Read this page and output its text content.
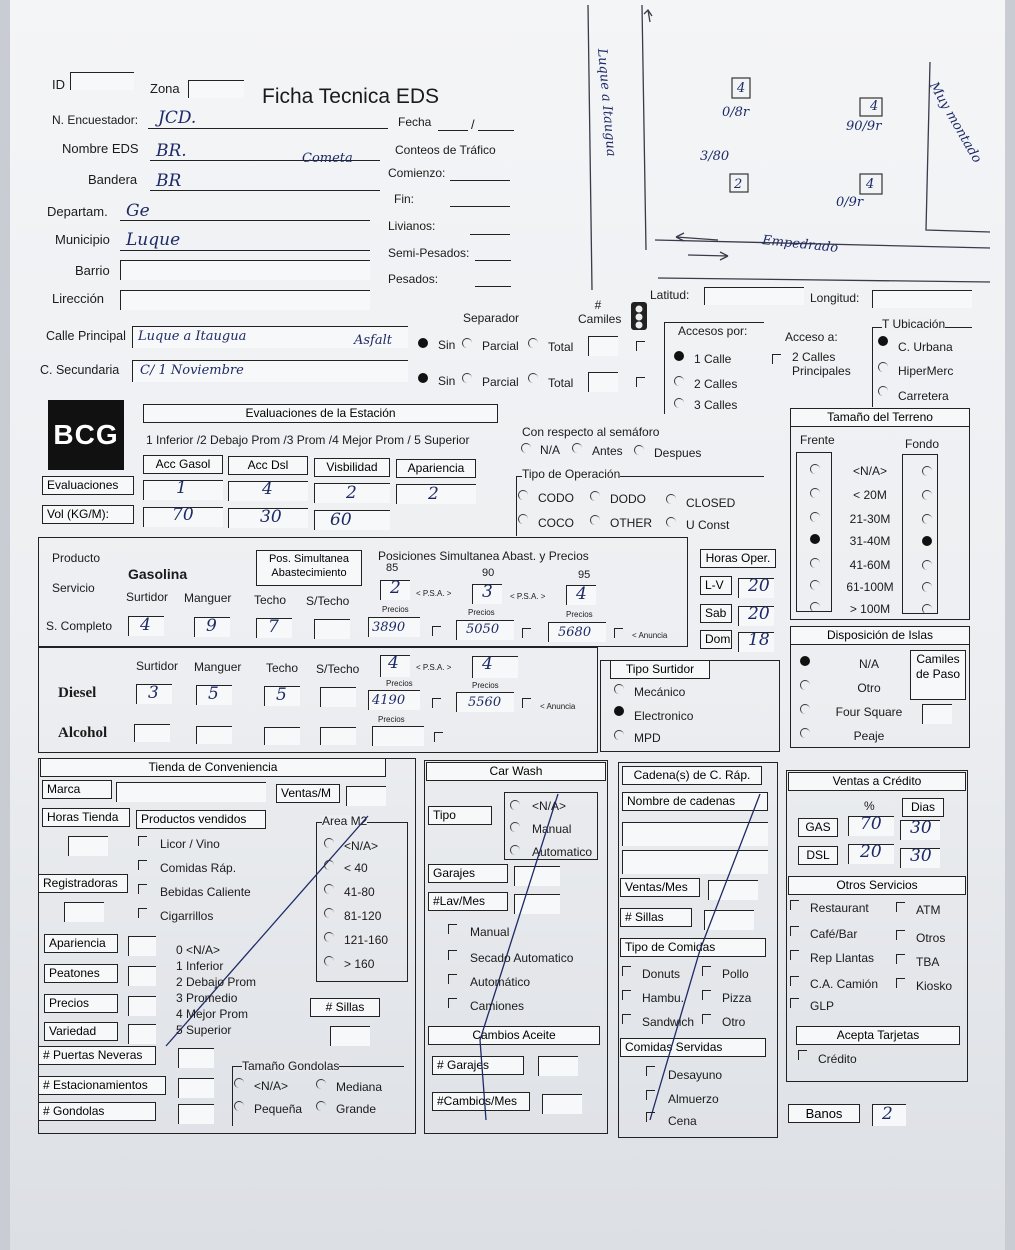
ID	Zona	Ficha Tecnica EDS
N. Encuestador: JCD.
Nombre EDS BR.	Cometa
Bandera BR
Departam. Ge
Municipio Luque
Barrio
Lirección
Fecha	/
Conteos de Tráfico
Comienzo:
Fin:
Livianos:
Semi-Pesados:
Pesados:
Luque a Itaugua
Empedrado
Muy montado
4
0/8r	4
90/9r
2
3/80
4
0/9r
Latitud:	Longitud:
Separador
# Camiles
Calle Principal Luque a Itaugua	Asfalt	Sin Parcial Total
C. Secundaria C/ 1 Noviembre
Sin Parcial Total
Accesos por:
1 Calle
2 Calles
3 Calles
Acceso a:
2 Calles Principales
T Ubicación
C. Urbana
HiperMerc
Carretera
BCG
Evaluaciones de la Estación
1 Inferior /2 Debajo Prom /3 Prom /4 Mejor Prom / 5 Superior
Acc Gasol	Acc Dsl	Visbilidad	Apariencia
Evaluaciones
Vol (KG/M):
1	4	2	2
70	30	60
Con respecto al semáforo
N/A	Antes	Despues
Tipo de Operación
CODO	DODO	CLOSED
COCO	OTHER	U Const
Tamaño del Terreno
Frente	Fondo
Producto
Servicio
Gasolina
Pos. Simultanea Abastecimiento
Posiciones Simultanea Abast. y Precios
Surtidor Manguer Techo S/Techo
S. Completo 4	9	7
85	90	95
2	3	4
< P.S.A. >	< P.S.A. >
Precios	Precios	Precios
3890	5050	5680	< Anuncia
Horas Oper.
Disposición de Islas
Camiles de Paso
Surtidor Manguer Techo S/Techo
Diesel	3	5	5
4	4
< P.S.A. >
Precios	Precios
4190	5560	< Anuncia
Precios
Alcohol
Tipo Surtidor
Mecánico
Electronico
MPD
Tienda de Conveniencia
Marca	Ventas/M
Horas Tienda	Productos vendidos
Registradoras
Area M2
# Sillas
# Puertas Neveras
# Estacionamientos
# Gondolas
Tamaño Gondolas
<N/A>	Mediana
Pequeña	Grande
Car Wash
Tipo
<N/A>
Manual
Automatico
Garajes
#Lav/Mes
Cambios Aceite
# Garajes
#Cambios/Mes
Cadena(s) de C. Ráp.
Nombre de cadenas
Ventas/Mes
# Sillas
Tipo de Comidas
Comidas Servidas
Ventas a Crédito
%	Dias
Otros Servicios
Acepta Tarjetas
Crédito
Banos	2
<N/A>
< 20M
21-30M
31-40M
41-60M
61-100M
> 100M
L-V	20
Sab	20
Dom 18
N/A
Otro
Four Square
Peaje
Licor / Vino
Comidas Ráp.
Bebidas Caliente
Cigarrillos
<N/A>
< 40
41-80
81-120
121-160
> 160
Apariencia
Peatones
Precios
Variedad
0 <N/A>
1 Inferior
2 Debajo Prom
3 Promedio
4 Mejor Prom
5 Superior
Manual
Secado Automatico
Automático
Camiones
Donuts	Pollo
Hambu.	Pizza
Sandwich Otro
Desayuno
Almuerzo
Cena
GAS	70 30
DSL	20 30
Restaurant	ATM
Café/Bar	Otros
Rep Llantas	TBA
C.A. Camión	Kiosko
GLP
